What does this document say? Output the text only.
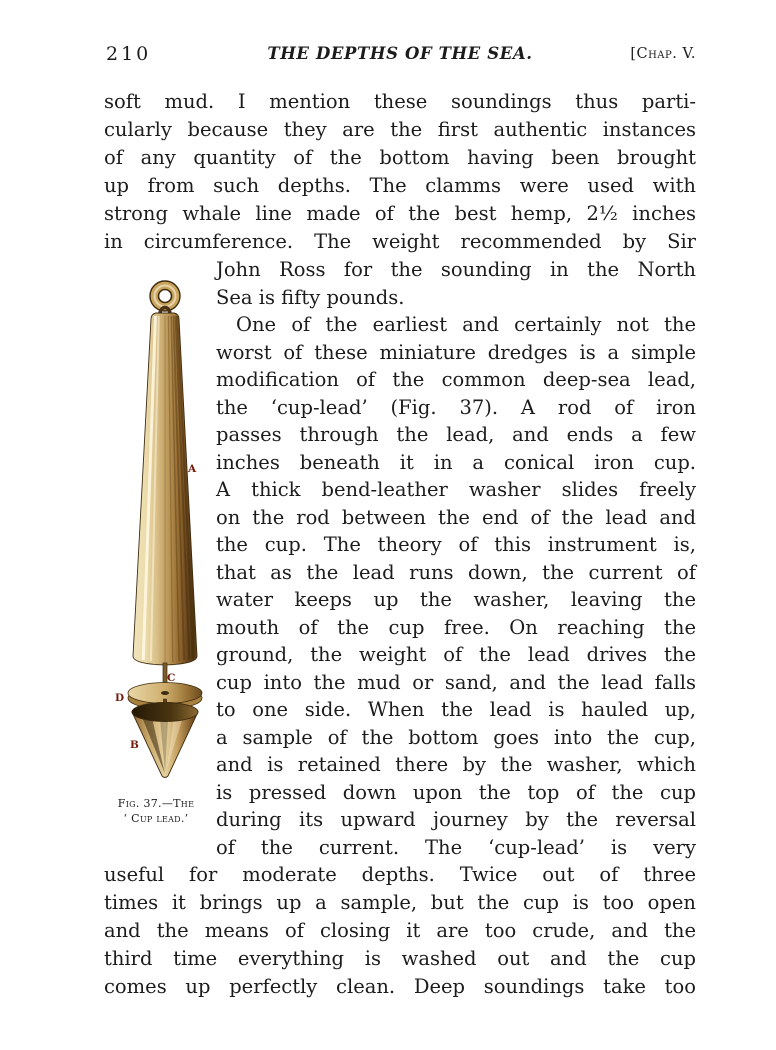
210	THE DEPTHS OF THE SEA.	[Chap. V.
soft mud. I mention these soundings thus parti-
cularly because they are the first authentic instances
of any quantity of the bottom having been brought
up from such depths. The clamms were used with
strong whale line made of the best hemp, 2½ inches
in circumference. The weight recommended by Sir
A
C
D
B
Fig. 37.—The
‘ Cup lead.’
John Ross for the sounding in the North
Sea is fifty pounds.
One of the earliest and certainly not the
worst of these miniature dredges is a simple
modification of the common deep-sea lead,
the ‘cup-lead’ (Fig. 37). A rod of iron
passes through the lead, and ends a few
inches beneath it in a conical iron cup.
A thick bend-leather washer slides freely
on the rod between the end of the lead and
the cup. The theory of this instrument is,
that as the lead runs down, the current of
water keeps up the washer, leaving the
mouth of the cup free. On reaching the
ground, the weight of the lead drives the
cup into the mud or sand, and the lead falls
to one side. When the lead is hauled up,
a sample of the bottom goes into the cup,
and is retained there by the washer, which
is pressed down upon the top of the cup
during its upward journey by the reversal
of the current. The ‘cup-lead’ is very
useful for moderate depths. Twice out of three
times it brings up a sample, but the cup is too open
and the means of closing it are too crude, and the
third time everything is washed out and the cup
comes up perfectly clean. Deep soundings take too
